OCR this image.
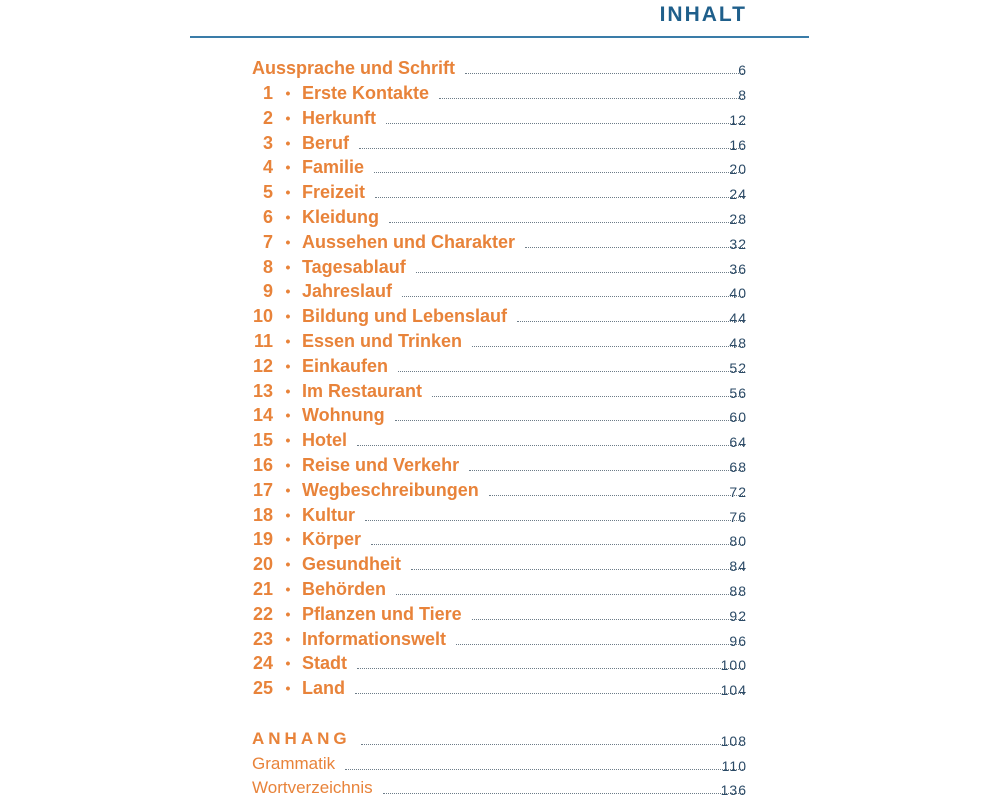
INHALT
Aussprache und Schrift	6
1 • Erste Kontakte	8
2 • Herkunft	12
3 • Beruf	16
4 • Familie	20
5 • Freizeit	24
6 • Kleidung	28
7 • Aussehen und Charakter	32
8 • Tagesablauf	36
9 • Jahreslauf	40
10 • Bildung und Lebenslauf	44
11 • Essen und Trinken	48
12 • Einkaufen	52
13 • Im Restaurant	56
14 • Wohnung	60
15 • Hotel	64
16 • Reise und Verkehr	68
17 • Wegbeschreibungen	72
18 • Kultur	76
19 • Körper	80
20 • Gesundheit	84
21 • Behörden	88
22 • Pflanzen und Tiere	92
23 • Informationswelt	96
24 • Stadt	100
25 • Land	104
ANHANG	108
Grammatik	110
Wortverzeichnis	136
